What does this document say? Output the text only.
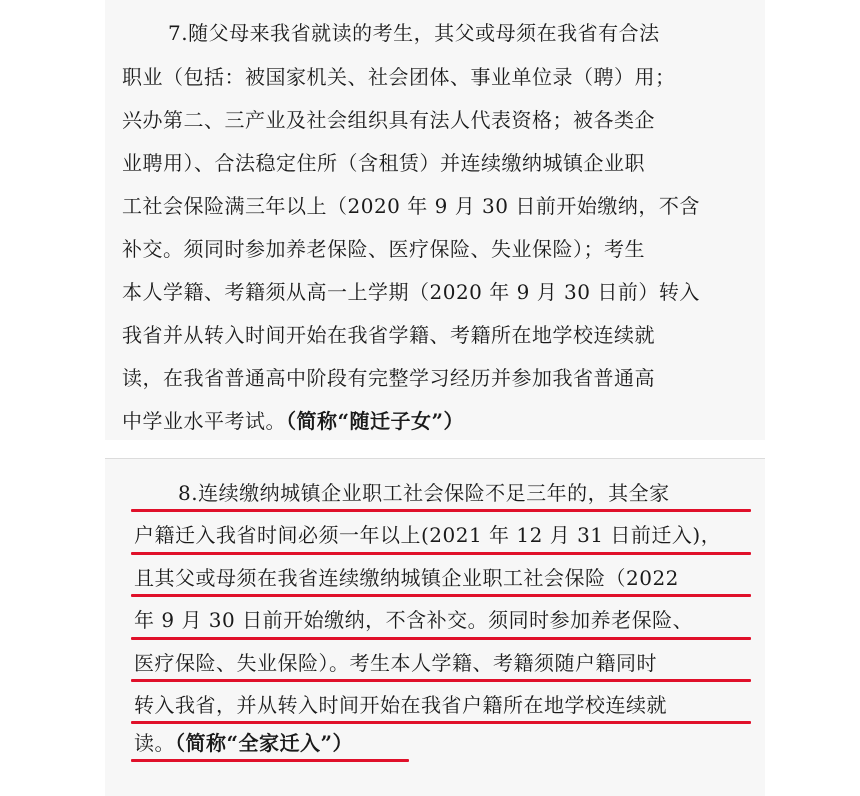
7.随父母来我省就读的考生，其父或母须在我省有合法
职业（包括：被国家机关、社会团体、事业单位录（聘）用；
兴办第二、三产业及社会组织具有法人代表资格；被各类企
业聘用）、合法稳定住所（含租赁）并连续缴纳城镇企业职
工社会保险满三年以上（2020 年 9 月 30 日前开始缴纳，不含
补交。须同时参加养老保险、医疗保险、失业保险）；考生
本人学籍、考籍须从高一上学期（2020 年 9 月 30 日前）转入
我省并从转入时间开始在我省学籍、考籍所在地学校连续就
读，在我省普通高中阶段有完整学习经历并参加我省普通高
中学业水平考试。（简称“随迁子女”）
8.连续缴纳城镇企业职工社会保险不足三年的，其全家
户籍迁入我省时间必须一年以上(2021 年 12 月 31 日前迁入)，
且其父或母须在我省连续缴纳城镇企业职工社会保险（2022
年 9 月 30 日前开始缴纳，不含补交。须同时参加养老保险、
医疗保险、失业保险）。考生本人学籍、考籍须随户籍同时
转入我省，并从转入时间开始在我省户籍所在地学校连续就
读。（简称“全家迁入”）
